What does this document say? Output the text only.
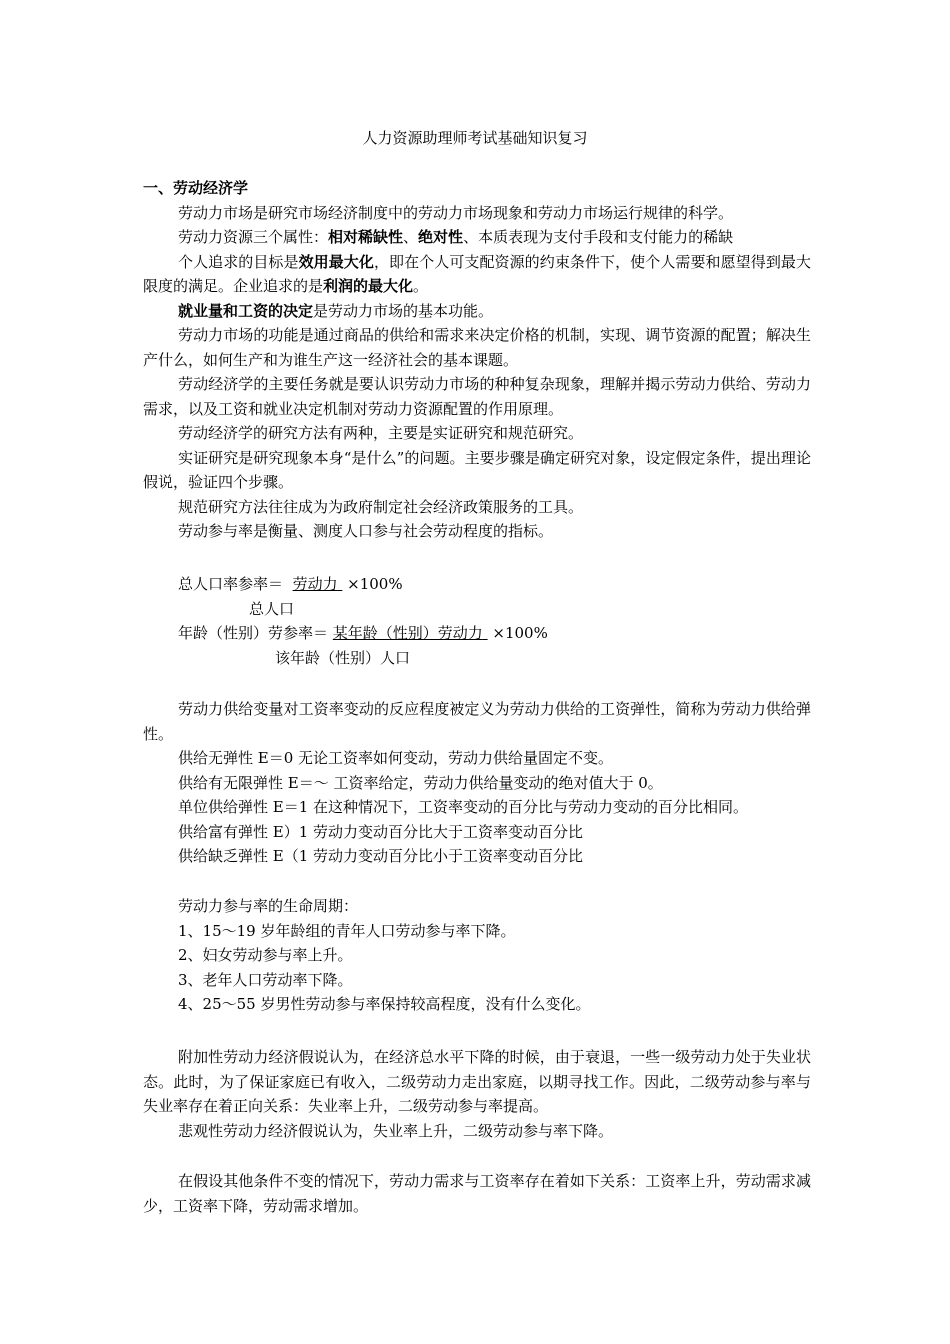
人力资源助理师考试基础知识复习

一、劳动经济学

劳动力市场是研究市场经济制度中的劳动力市场现象和劳动力市场运行规律的科学。

劳动力资源三个属性：相对稀缺性、绝对性、本质表现为支付手段和支付能力的稀缺

个人追求的目标是效用最大化，即在个人可支配资源的约束条件下，使个人需要和愿望得到最大限度的满足。企业追求的是利润的最大化。

就业量和工资的决定是劳动力市场的基本功能。

劳动力市场的功能是通过商品的供给和需求来决定价格的机制，实现、调节资源的配置；解决生产什么，如何生产和为谁生产这一经济社会的基本课题。

劳动经济学的主要任务就是要认识劳动力市场的种种复杂现象，理解并揭示劳动力供给、劳动力需求，以及工资和就业决定机制对劳动力资源配置的作用原理。

劳动经济学的研究方法有两种，主要是实证研究和规范研究。

实证研究是研究现象本身“是什么”的问题。主要步骤是确定研究对象，设定假定条件，提出理论假说，验证四个步骤。

规范研究方法往往成为为政府制定社会经济政策服务的工具。

劳动参与率是衡量、测度人口参与社会劳动程度的指标。

总人口率参率＝ 劳动力 ×100%
总人口
年龄（性别）劳参率＝ 某年龄（性别）劳动力 ×100%
该年龄（性别）人口

劳动力供给变量对工资率变动的反应程度被定义为劳动力供给的工资弹性，简称为劳动力供给弹性。

供给无弹性 E＝0 无论工资率如何变动，劳动力供给量固定不变。

供给有无限弹性 E＝～ 工资率给定，劳动力供给量变动的绝对值大于 0。

单位供给弹性 E＝1 在这种情况下，工资率变动的百分比与劳动力变动的百分比相同。

供给富有弹性 E）1 劳动力变动百分比大于工资率变动百分比

供给缺乏弹性 E（1 劳动力变动百分比小于工资率变动百分比

劳动力参与率的生命周期：

1、15～19 岁年龄组的青年人口劳动参与率下降。

2、妇女劳动参与率上升。

3、老年人口劳动率下降。

4、25～55 岁男性劳动参与率保持较高程度，没有什么变化。

附加性劳动力经济假说认为，在经济总水平下降的时候，由于衰退，一些一级劳动力处于失业状态。此时，为了保证家庭已有收入，二级劳动力走出家庭，以期寻找工作。因此，二级劳动参与率与失业率存在着正向关系：失业率上升，二级劳动参与率提高。

悲观性劳动力经济假说认为，失业率上升，二级劳动参与率下降。

在假设其他条件不变的情况下，劳动力需求与工资率存在着如下关系：工资率上升，劳动需求减少，工资率下降，劳动需求增加。
